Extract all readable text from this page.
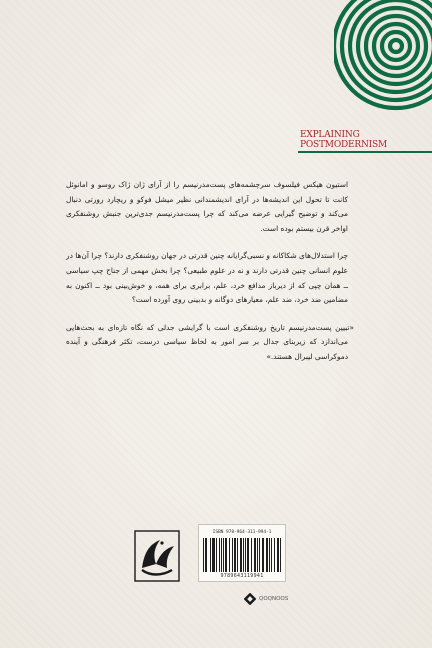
EXPLAINING
POSTMODERNISM

استیون هیکس فیلسوف سرچشمه‌های پست‌مدرنیسم را از آرای ژان ژاک روسو و امانوئل کانت تا تحول این اندیشه‌ها در آرای اندیشمندانی نظیر میشل فوکو و ریچارد رورتی دنبال می‌کند و توضیح گیرایی عرضه می‌کند که چرا پست‌مدرنیسم جدی‌ترین جنبش روشنفکری اواخر قرن بیستم بوده است.

چرا استدلال‌های شکاکانه و نسبی‌گرایانه چنین قدرتی در جهان روشنفکری دارند؟ چرا آن‌ها در علوم انسانی چنین قدرتی دارند و نه در علوم طبیعی؟ چرا بخش مهمی از جناح چپ سیاسی ــ همان چپی که از دیرباز مدافع خرد، علم، برابری برای همه، و خوش‌بینی بود ــ اکنون به مضامین ضد خرد، ضد علم، معیارهای دوگانه و بدبینی روی آورده است؟

«تبیین پست‌مدرنیسم تاریخ روشنفکری است با گرایشی جدلی که نگاه تازه‌ای به بحث‌هایی می‌اندازد که زیربنای جدال بر سر امور به لحاظ سیاسی درست، تکثر فرهنگی و آینده دموکراسی لیبرال هستند.»

ISBN 978-964-311-994-1
9789643119941
QOQNOOS
